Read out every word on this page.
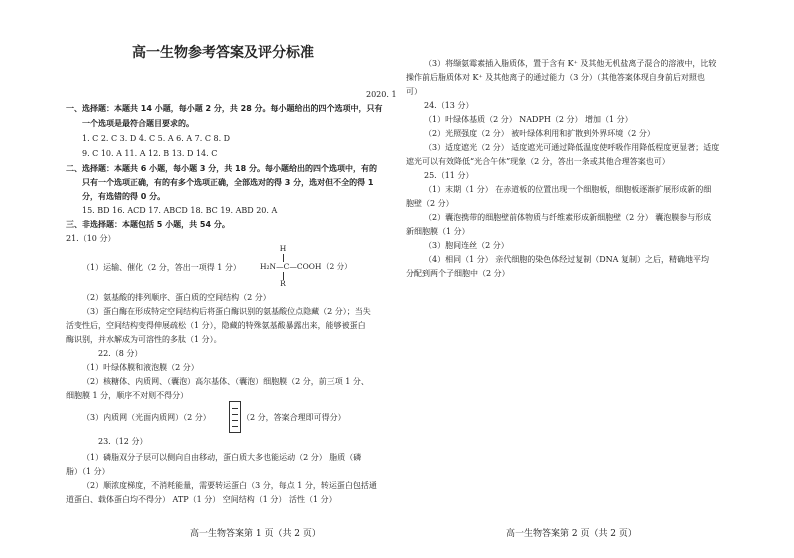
高一生物参考答案及评分标准
2020. 1
一、选择题：本题共 14 小题，每小题 2 分，共 28 分。每小题给出的四个选项中，只有
一个选项是最符合题目要求的。
1. C 2. C 3. D 4. C 5. A 6. A 7. C 8. D
9. C 10. A 11. A 12. B 13. D 14. C
二、选择题：本题共 6 小题，每小题 3 分，共 18 分。每小题给出的四个选项中，有的
只有一个选项正确，有的有多个选项正确，全部选对的得 3 分，选对但不全的得 1
分，有选错的得 0 分。
15. BD 16. ACD 17. ABCD 18. BC 19. ABD 20. A
三、非选择题：本题包括 5 小题，共 54 分。
21.（10 分）
H
H₂N—C—COOH
R
（2 分）
（1）运输、催化（2 分，答出一项得 1 分）
（2）氨基酸的排列顺序、蛋白质的空间结构（2 分）
（3）蛋白酶在形成特定空间结构后将蛋白酶识别的氨基酸位点隐藏（2 分）；当失
活变性后，空间结构变得伸展疏松（1 分），隐藏的特殊氨基酸暴露出来，能够被蛋白
酶识别，并水解成为可溶性的多肽（1 分）。
22.（8 分）
（1）叶绿体膜和液泡膜（2 分）
（2）核糖体、内质网、（囊泡）高尔基体、（囊泡）细胞膜（2 分，前三项 1 分、
细胞膜 1 分，顺序不对则不得分）
（3）内质网（光面内质网）（2 分）	（2 分，答案合理即可得分）
23.（12 分）
（1）磷脂双分子层可以侧向自由移动，蛋白质大多也能运动（2 分） 脂质（磷
脂）（1 分）
（2）顺浓度梯度，不消耗能量，需要转运蛋白（3 分，每点 1 分，转运蛋白包括通
道蛋白、载体蛋白均不得分） ATP（1 分） 空间结构（1 分） 活性（1 分）
高一生物答案第 1 页（共 2 页）
（3）将缬氨霉素插入脂质体，置于含有 K⁺ 及其他无机盐离子混合的溶液中，比较
操作前后脂质体对 K⁺ 及其他离子的通过能力（3 分）（其他答案体现自身前后对照也
可）
24.（13 分）
（1）叶绿体基质（2 分） NADPH（2 分） 增加（1 分）
（2）光照强度（2 分） 被叶绿体利用和扩散到外界环境（2 分）
（3）适度遮光（2 分） 适度遮光可通过降低温度使呼吸作用降低程度更显著；适度
遮光可以有效降低“光合午休”现象（2 分，答出一条或其他合理答案也可）
25.（11 分）
（1）末期（1 分） 在赤道板的位置出现一个细胞板，细胞板逐渐扩展形成新的细
胞壁（2 分）
（2）囊泡携带的细胞壁前体物质与纤维素形成新细胞壁（2 分） 囊泡膜参与形成
新细胞膜（1 分）
（3）胞间连丝（2 分）
（4）相同（1 分） 亲代细胞的染色体经过复制（DNA 复制）之后，精确地平均
分配到两个子细胞中（2 分）
高一生物答案第 2 页（共 2 页）
